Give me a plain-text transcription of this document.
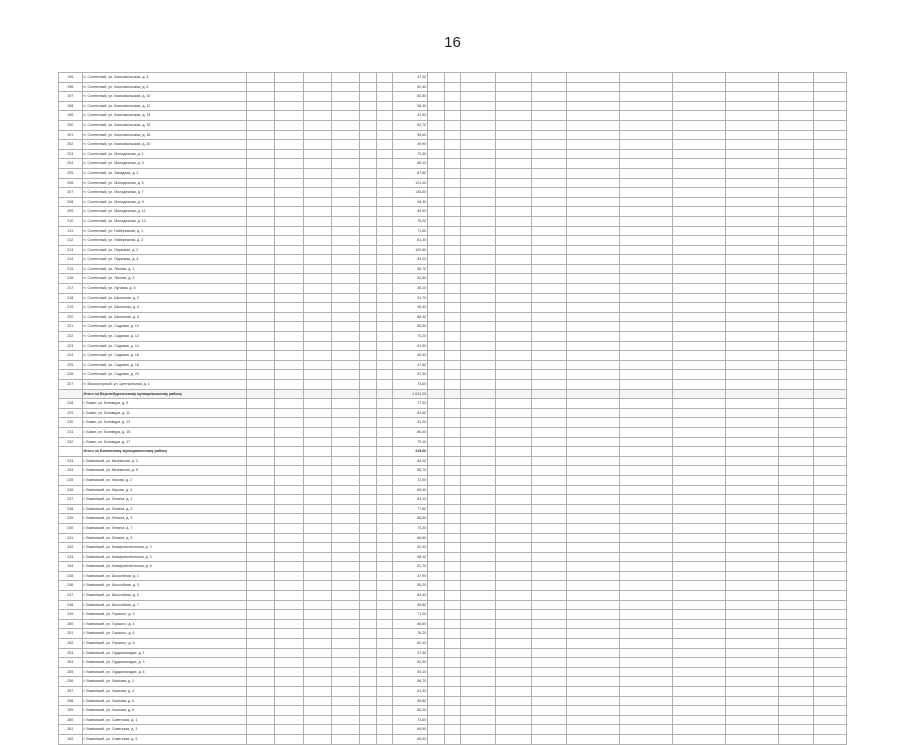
16
195	п. Солнечный, ул. Комсомольская, д. 4							47,20											
196	п. Солнечный, ул. Комсомольская, д. 6							52,40											
197	п. Солнечный, ул. Комсомольская, д. 10							62,80											
198	п. Солнечный, ул. Комсомольская, д. 12							58,30											
199	п. Солнечный, ул. Комсомольская, д. 14							47,50											
200	п. Солнечный, ул. Комсомольская, д. 16							63,70											
201	п. Солнечный, ул. Комсомольская, д. 18							55,60											
202	п. Солнечный, ул. Комсомольская, д. 20							49,90											
203	п. Солнечный, ул. Молодежная, д. 1							72,40											
204	п. Солнечный, ул. Молодежная, д. 3							68,10											
205	п. Солнечный, ул. Западная, д. 2							87,60											
206	п. Солнечный, ул. Молодежная, д. 5							121,40											
207	п. Солнечный, ул. Молодежная, д. 7							135,60											
208	п. Солнечный, ул. Молодежная, д. 9							98,30											
209	п. Солнечный, ул. Молодежная, д. 11							84,90											
210	п. Солнечный, ул. Молодежная, д. 13							76,20											
211	п. Солнечный, ул. Набережная, д. 1							71,50											
212	п. Солнечный, ул. Набережная, д. 3							81,30											
213	п. Солнечный, ул. Парковая, д. 2							102,60											
214	п. Солнечный, ул. Парковая, д. 4							63,20											
215	п. Солнечный, ул. Лесная, д. 1							56,70											
216	п. Солнечный, ул. Лесная, д. 3							52,80											
217	п. Солнечный, ул. Луговая, д. 5							48,10											
218	п. Солнечный, ул. Школьная, д. 2							91,70											
219	п. Солнечный, ул. Школьная, д. 4							96,40											
220	п. Солнечный, ул. Школьная, д. 6							88,30											
221	п. Солнечный, ул. Садовая, д. 10							65,50											
222	п. Солнечный, ул. Садовая, д. 12							70,20											
223	п. Солнечный, ул. Садовая, д. 14							61,90											
224	п. Солнечный, ул. Садовая, д. 16							55,40											
225	п. Солнечный, ул. Садовая, д. 18							47,80											
226	п. Солнечный, ул. Садовая, д. 20							57,30											
227	п. Высокогорный, ул. Центральная, д. 1							74,60											
	Итого по Верхнебуреинскому муниципальному району							1 041,20											
228	г. Бикин, ул. Бонивура, д. 5							77,30											
229	г. Бикин, ул. Бонивура, д. 11							81,60											
230	г. Бикин, ул. Бонивура, д. 13							91,20											
231	г. Бикин, ул. Бонивура, д. 15							86,40											
232	г. Бикин, ул. Бонивура, д. 17							79,10											
	Итого по Бикинскому муниципальному району							415,60											
233	г. Вяземский, ул. Вяземская, д. 3							64,20											
234	г. Вяземский, ул. Вяземская, д. 5							58,70											
235	г. Вяземский, ул. Кирова, д. 2							72,90											
236	г. Вяземский, ул. Кирова, д. 4							69,40											
237	г. Вяземский, ул. Ленина, д. 1							83,10											
238	г. Вяземский, ул. Ленина, д. 3							77,60											
239	г. Вяземский, ул. Ленина, д. 5							68,50											
240	г. Вяземский, ул. Ленина, д. 7							74,30											
241	г. Вяземский, ул. Ленина, д. 9							66,80											
242	г. Вяземский, ул. Коммунистическая, д. 2							52,40											
243	г. Вяземский, ул. Коммунистическая, д. 4							58,10											
244	г. Вяземский, ул. Коммунистическая, д. 6							61,70											
245	г. Вяземский, ул. Шоссейная, д. 1							47,90											
246	г. Вяземский, ул. Шоссейная, д. 3							55,20											
247	г. Вяземский, ул. Шоссейная, д. 5							63,40											
248	г. Вяземский, ул. Шоссейная, д. 7							59,80											
249	г. Вяземский, ул. Горького, д. 2							71,30											
250	г. Вяземский, ул. Горького, д. 4							68,60											
251	г. Вяземский, ул. Горького, д. 6							76,20											
252	г. Вяземский, ул. Горького, д. 8							82,40											
253	г. Вяземский, ул. Орджоникидзе, д. 1							57,50											
254	г. Вяземский, ул. Орджоникидзе, д. 3							62,90											
255	г. Вяземский, ул. Орджоникидзе, д. 5							54,10											
256	г. Вяземский, ул. Чкалова, д. 2							48,70											
257	г. Вяземский, ул. Чкалова, д. 4							51,30											
258	г. Вяземский, ул. Чкалова, д. 6							56,80											
259	г. Вяземский, ул. Чкалова, д. 8							60,20											
260	г. Вяземский, ул. Советская, д. 1							73,60											
261	г. Вяземский, ул. Советская, д. 3							69,90											
262	г. Вяземский, ул. Советская, д. 5							65,40											
